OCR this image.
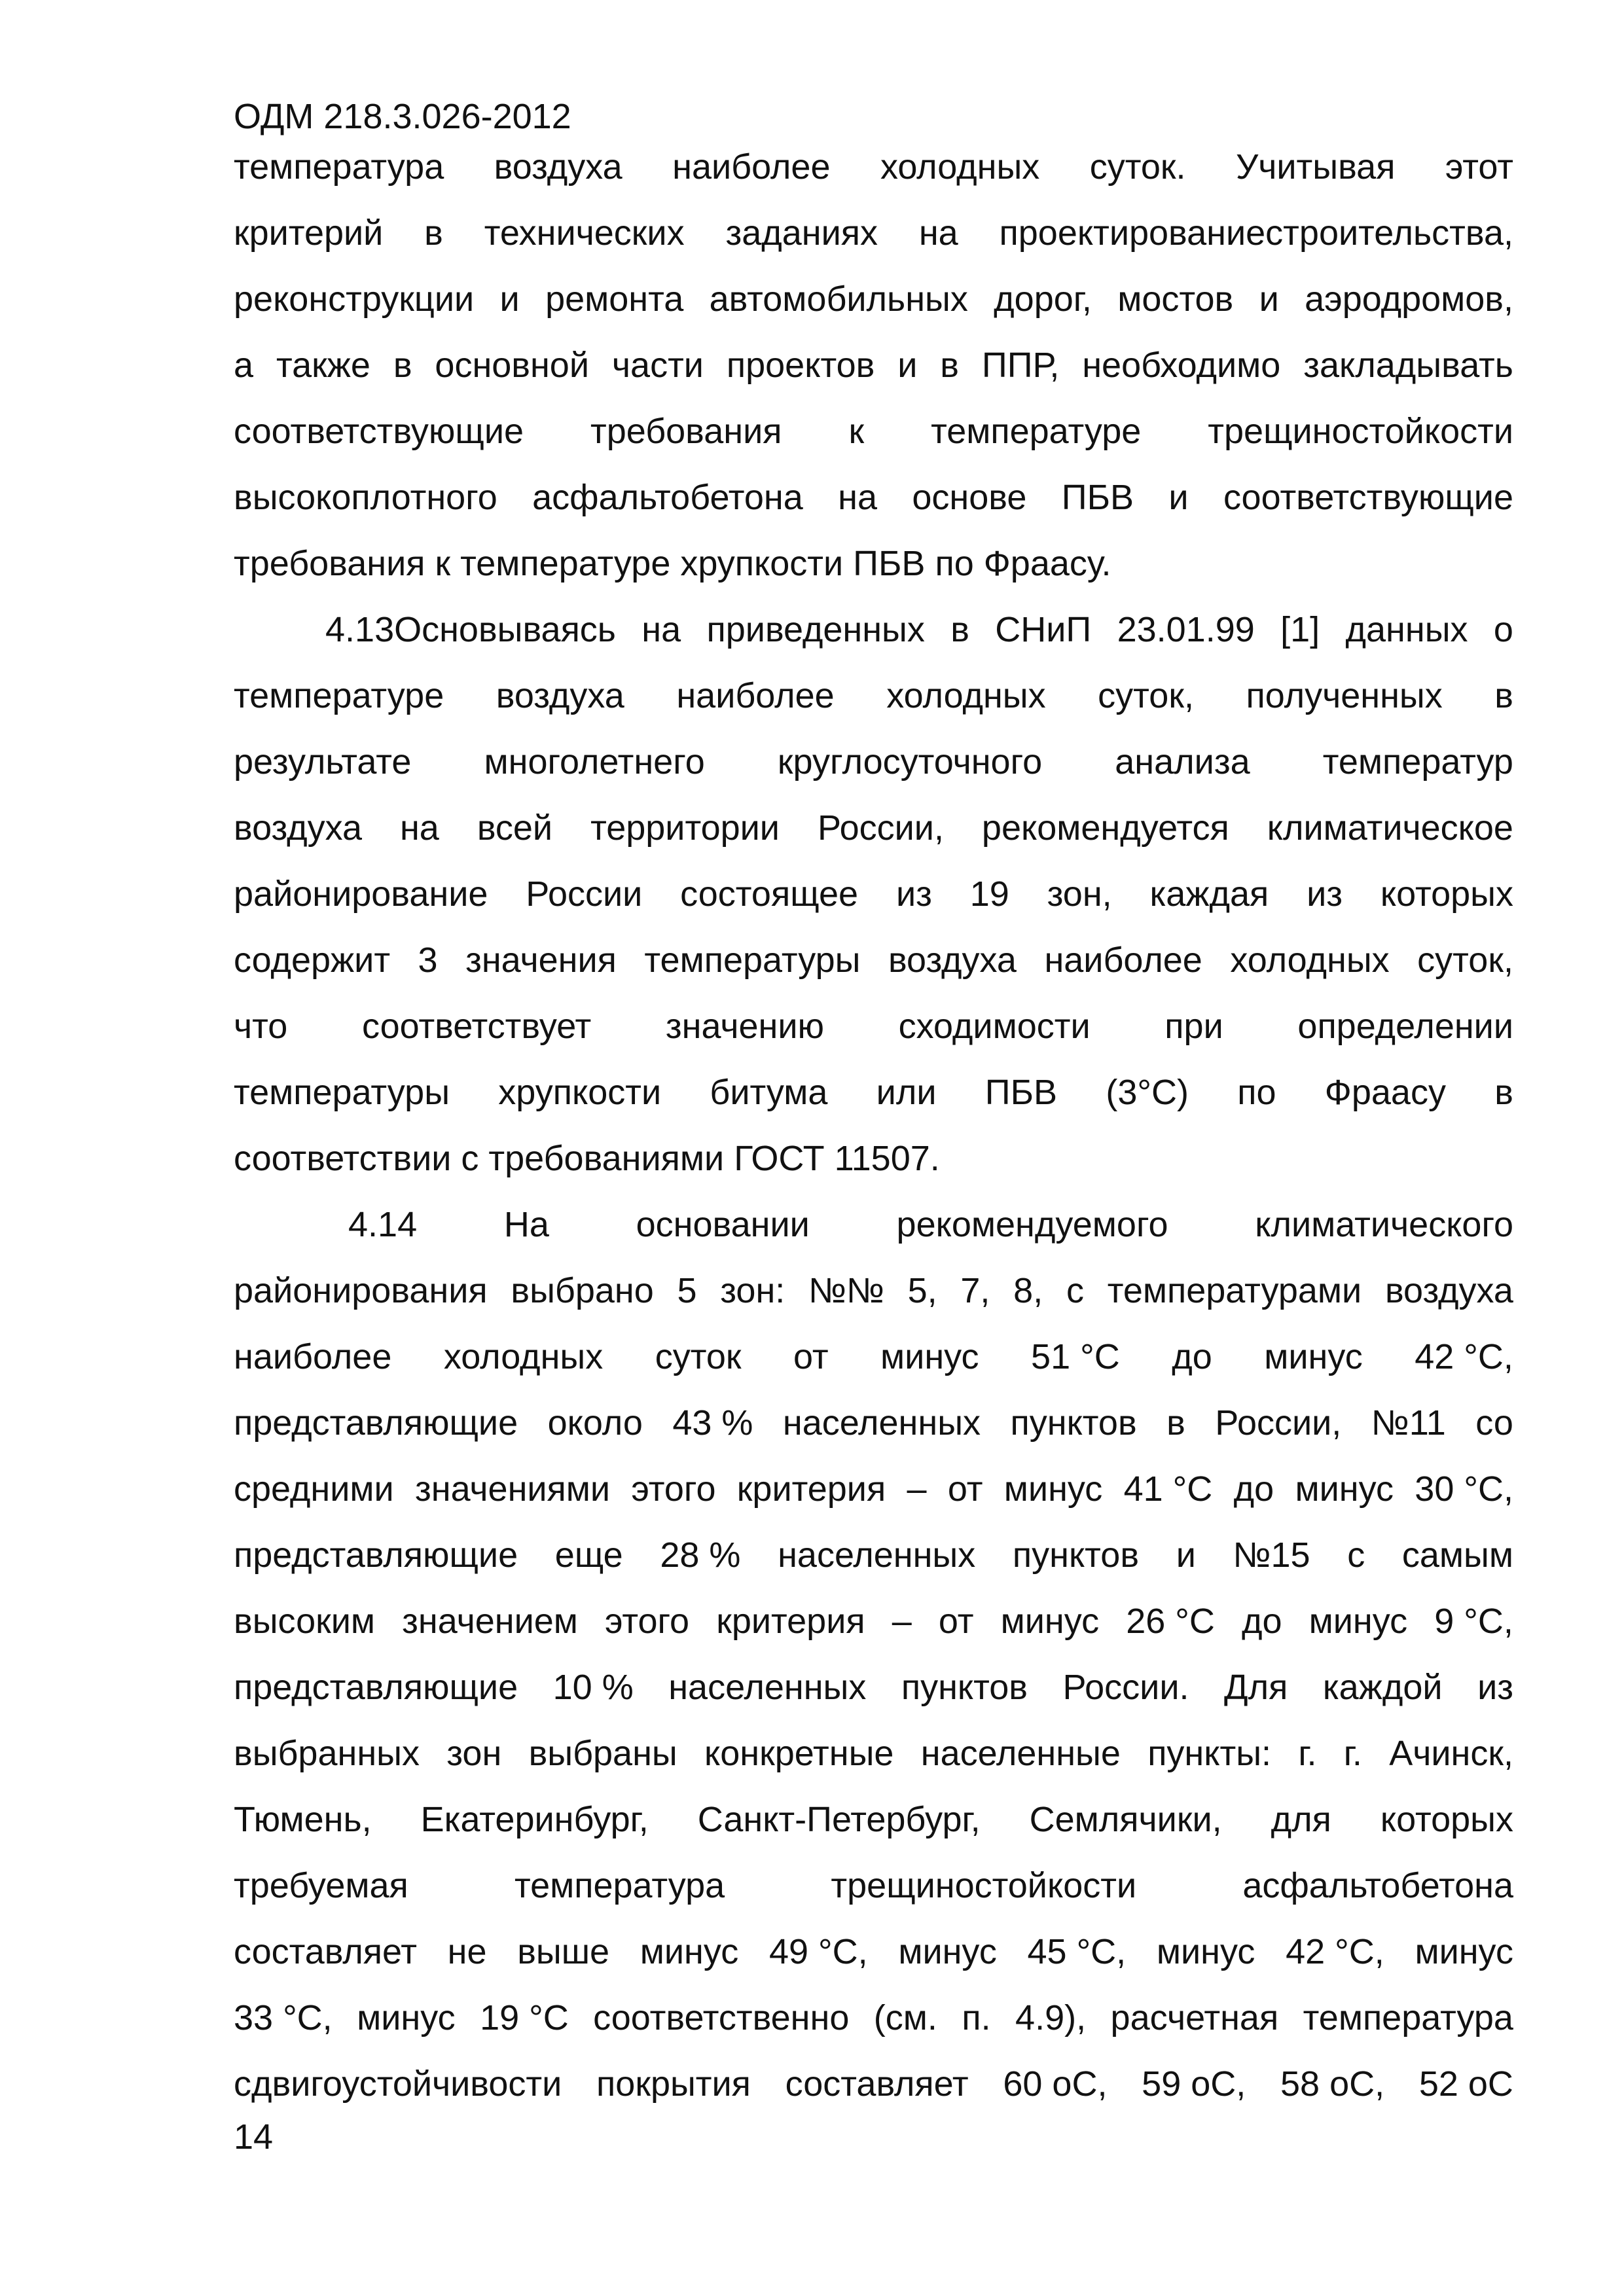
ОДМ 218.3.026-2012
температура воздуха наиболее холодных суток. Учитывая этот
критерий в технических заданиях на проектированиестроительства,
реконструкции и ремонта автомобильных дорог, мостов и аэродромов,
а также в основной части проектов и в ППР, необходимо закладывать
соответствующие требования к температуре трещиностойкости
высокоплотного асфальтобетона на основе ПБВ и соответствующие
требования к температуре хрупкости ПБВ по Фраасу.
4.13Основываясь на приведенных в СНиП 23.01.99 [1] данных о
температуре воздуха наиболее холодных суток, полученных в
результате многолетнего круглосуточного анализа температур
воздуха на всей территории России, рекомендуется климатическое
районирование России состоящее из 19 зон, каждая из которых
содержит 3 значения температуры воздуха наиболее холодных суток,
что соответствует значению сходимости при определении
температуры хрупкости битума или ПБВ (3°С) по Фраасу в
соответствии с требованиями ГОСТ 11507.
4.14 На основании рекомендуемого климатического
районирования выбрано 5 зон: №№ 5, 7, 8, с температурами воздуха
наиболее холодных суток от минус 51 °С до минус 42 °С,
представляющие около 43 % населенных пунктов в России, №11 со
средними значениями этого критерия – от минус 41 °С до минус 30 °С,
представляющие еще 28 % населенных пунктов и №15 с самым
высоким значением этого критерия – от минус 26 °С до минус 9 °С,
представляющие 10 % населенных пунктов России. Для каждой из
выбранных зон выбраны конкретные населенные пункты: г. г. Ачинск,
Тюмень, Екатеринбург, Санкт-Петербург, Семлячики, для которых
требуемая	температура	трещиностойкости	асфальтобетона
составляет не выше минус 49 °С, минус 45 °С, минус 42 °С, минус
33 °С, минус 19 °С соответственно (см. п. 4.9), расчетная температура
сдвигоустойчивости покрытия составляет 60 оС, 59 оС, 58 оС, 52 оС
14
